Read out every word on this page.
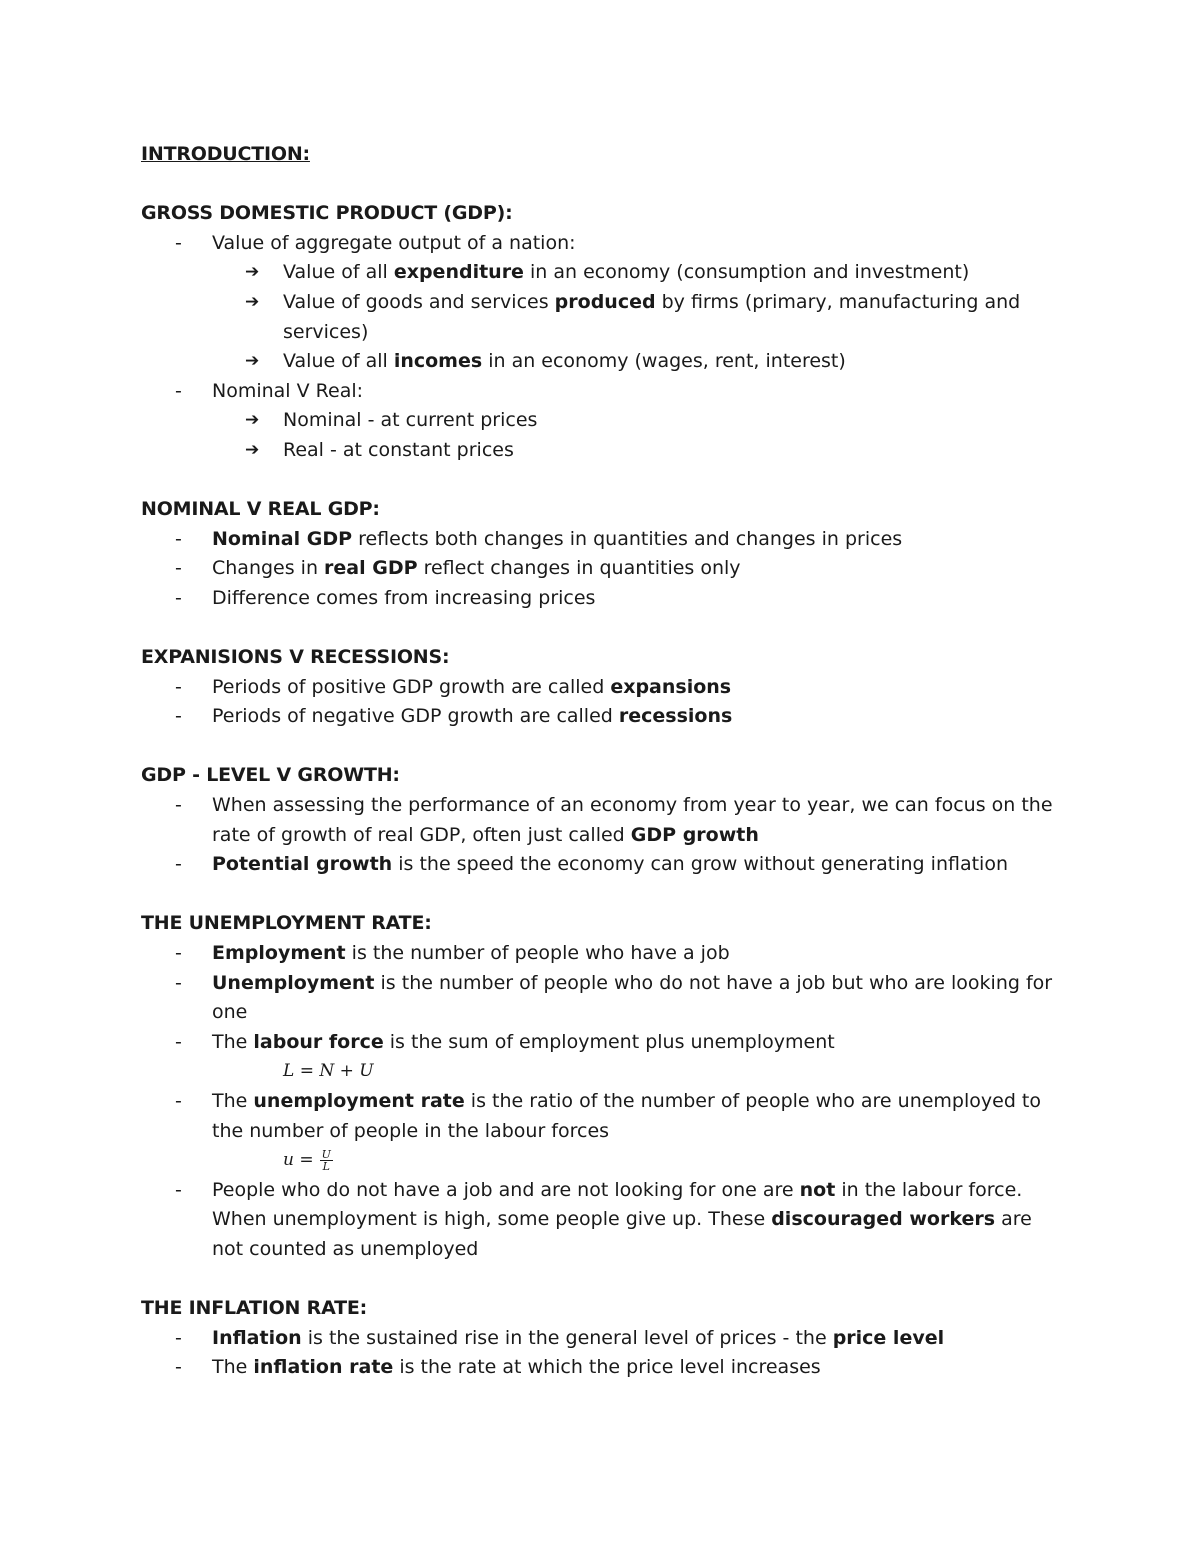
INTRODUCTION:
GROSS DOMESTIC PRODUCT (GDP):
-	Value of aggregate output of a nation:
➔	Value of all expenditure in an economy (consumption and investment)
➔	Value of goods and services produced by firms (primary, manufacturing and services)
➔	Value of all incomes in an economy (wages, rent, interest)
-	Nominal V Real:
➔	Nominal - at current prices
➔	Real - at constant prices
NOMINAL V REAL GDP:
-	Nominal GDP reflects both changes in quantities and changes in prices
-	Changes in real GDP reflect changes in quantities only
-	Difference comes from increasing prices
EXPANISIONS V RECESSIONS:
-	Periods of positive GDP growth are called expansions
-	Periods of negative GDP growth are called recessions
GDP - LEVEL V GROWTH:
-	When assessing the performance of an economy from year to year, we can focus on the rate of growth of real GDP, often just called GDP growth
-	Potential growth is the speed the economy can grow without generating inflation
THE UNEMPLOYMENT RATE:
-	Employment is the number of people who have a job
-	Unemployment is the number of people who do not have a job but who are looking for one
-	The labour force is the sum of employment plus unemployment
L = N + U
-	The unemployment rate is the ratio of the number of people who are unemployed to the number of people in the labour forces
$u = \frac{U}{L}$
-	People who do not have a job and are not looking for one are not in the labour force. When unemployment is high, some people give up. These discouraged workers are not counted as unemployed
THE INFLATION RATE:
-	Inflation is the sustained rise in the general level of prices - the price level
-	The inflation rate is the rate at which the price level increases
